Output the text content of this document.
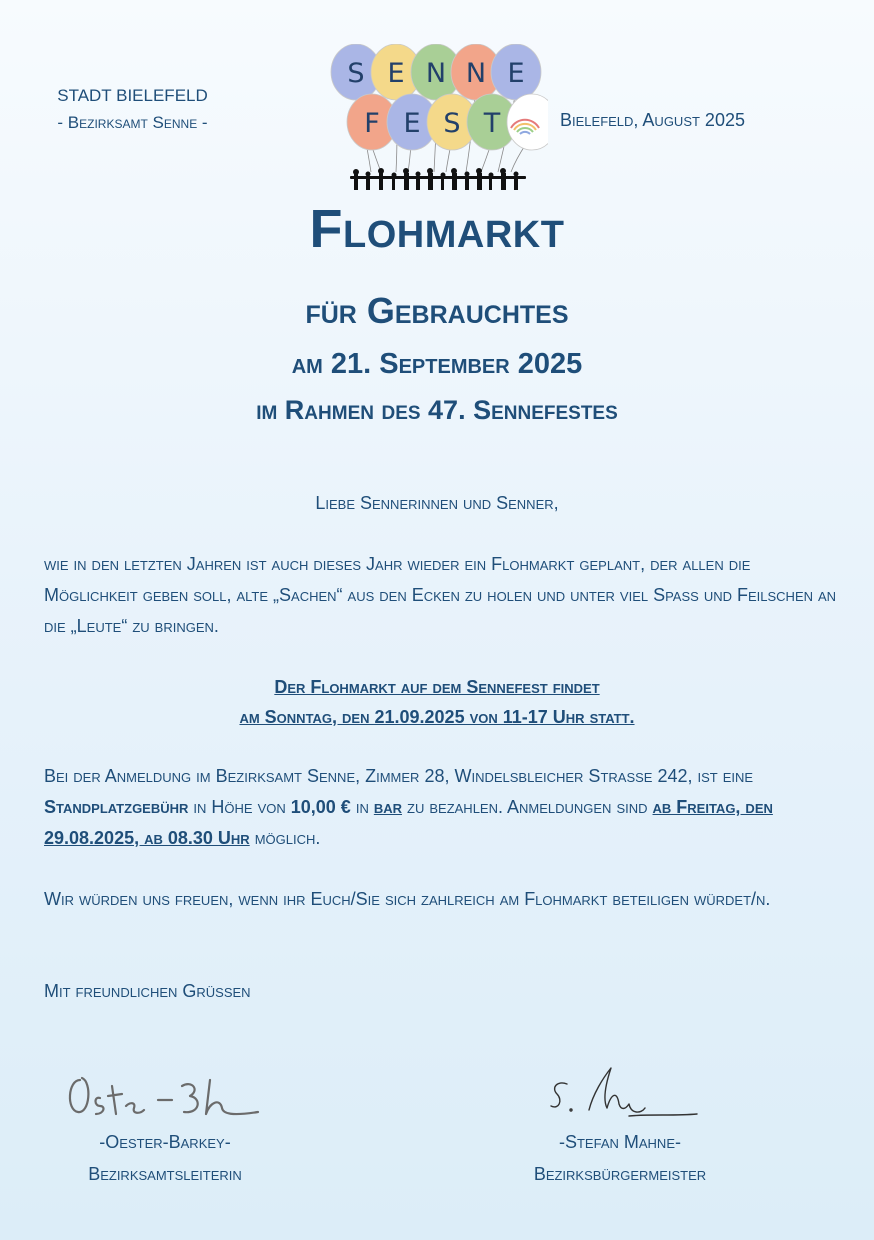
STADT BIELEFELD
- Bezirksamt Senne -	Bielefeld, August 2025
S E N N E
F E S T
Flohmarkt
für Gebrauchtes
am 21. September 2025
im Rahmen des 47. Sennefestes
Liebe Sennerinnen und Senner,
wie in den letzten Jahren ist auch dieses Jahr wieder ein Flohmarkt geplant, der allen die Möglichkeit geben soll, alte „Sachen“ aus den Ecken zu holen und unter viel Spaß und Feilschen an die „Leute“ zu bringen.
Der Flohmarkt auf dem Sennefest findet
am Sonntag, den 21.09.2025 von 11-17 Uhr statt.
Bei der Anmeldung im Bezirksamt Senne, Zimmer 28, Windelsbleicher Straße 242, ist eine Standplatzgebühr in Höhe von 10,00 € in bar zu bezahlen. Anmeldungen sind ab Freitag, den 29.08.2025, ab 08.30 Uhr möglich.
Wir würden uns freuen, wenn ihr Euch/Sie sich zahlreich am Flohmarkt beteiligen würdet/n.
Mit freundlichen Grüßen
-Oester-Barkey-
Bezirksamtsleiterin
-Stefan Mahne-
Bezirksbürgermeister
